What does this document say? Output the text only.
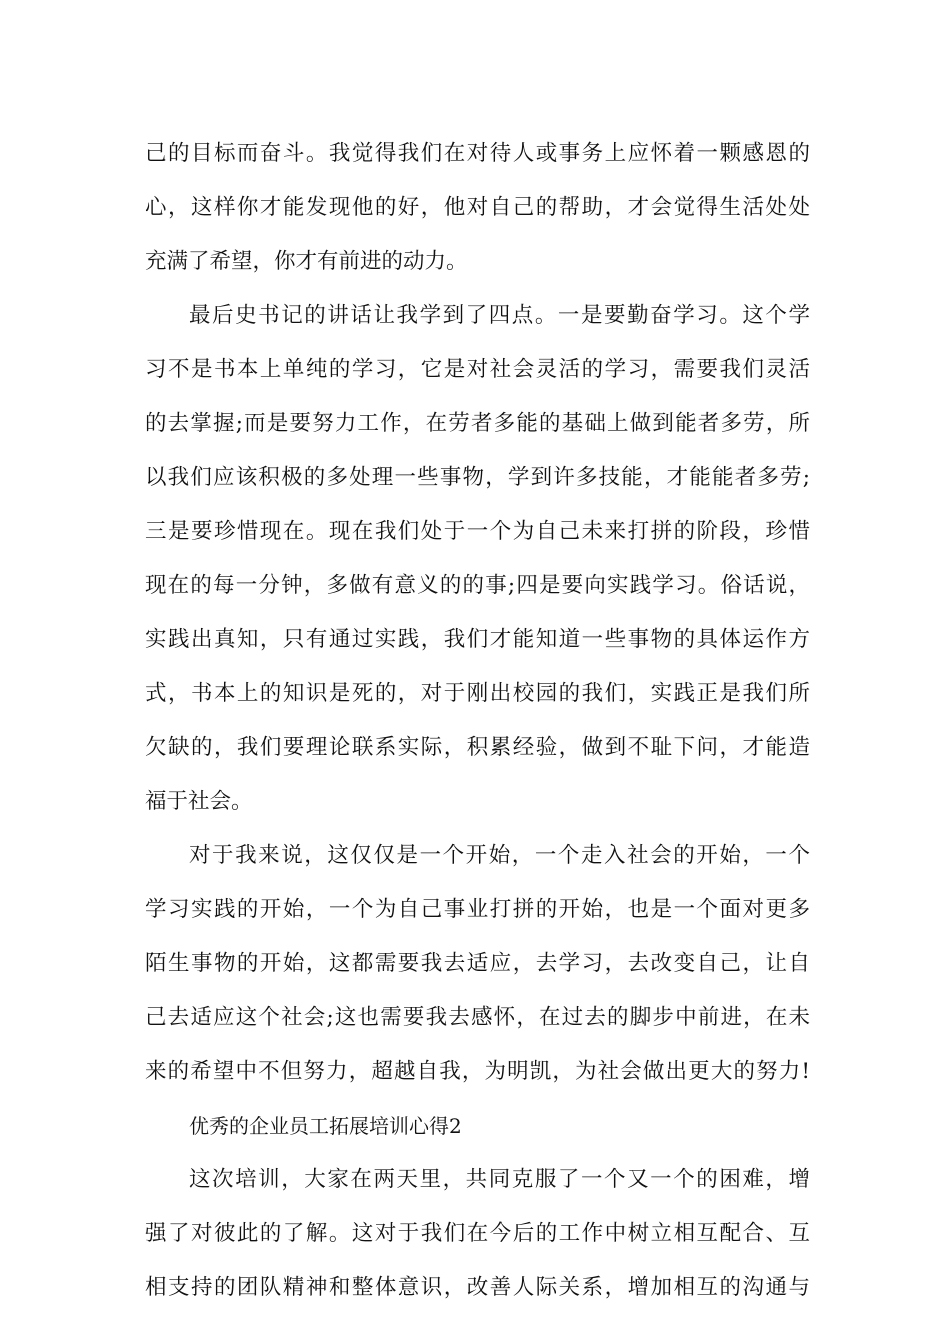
己的目标而奋斗。我觉得我们在对待人或事务上应怀着一颗感恩的
心，这样你才能发现他的好，他对自己的帮助，才会觉得生活处处
充满了希望，你才有前进的动力。
最后史书记的讲话让我学到了四点。一是要勤奋学习。这个学
习不是书本上单纯的学习，它是对社会灵活的学习，需要我们灵活
的去掌握;而是要努力工作，在劳者多能的基础上做到能者多劳，所
以我们应该积极的多处理一些事物，学到许多技能，才能能者多劳;
三是要珍惜现在。现在我们处于一个为自己未来打拼的阶段，珍惜
现在的每一分钟，多做有意义的的事;四是要向实践学习。俗话说，
实践出真知，只有通过实践，我们才能知道一些事物的具体运作方
式，书本上的知识是死的，对于刚出校园的我们，实践正是我们所
欠缺的，我们要理论联系实际，积累经验，做到不耻下问，才能造
福于社会。
对于我来说，这仅仅是一个开始，一个走入社会的开始，一个
学习实践的开始，一个为自己事业打拼的开始，也是一个面对更多
陌生事物的开始，这都需要我去适应，去学习，去改变自己，让自
己去适应这个社会;这也需要我去感怀，在过去的脚步中前进，在未
来的希望中不但努力，超越自我，为明凯，为社会做出更大的努力!
优秀的企业员工拓展培训心得2
这次培训，大家在两天里，共同克服了一个又一个的困难，增
强了对彼此的了解。这对于我们在今后的工作中树立相互配合、互
相支持的团队精神和整体意识，改善人际关系，增加相互的沟通与
